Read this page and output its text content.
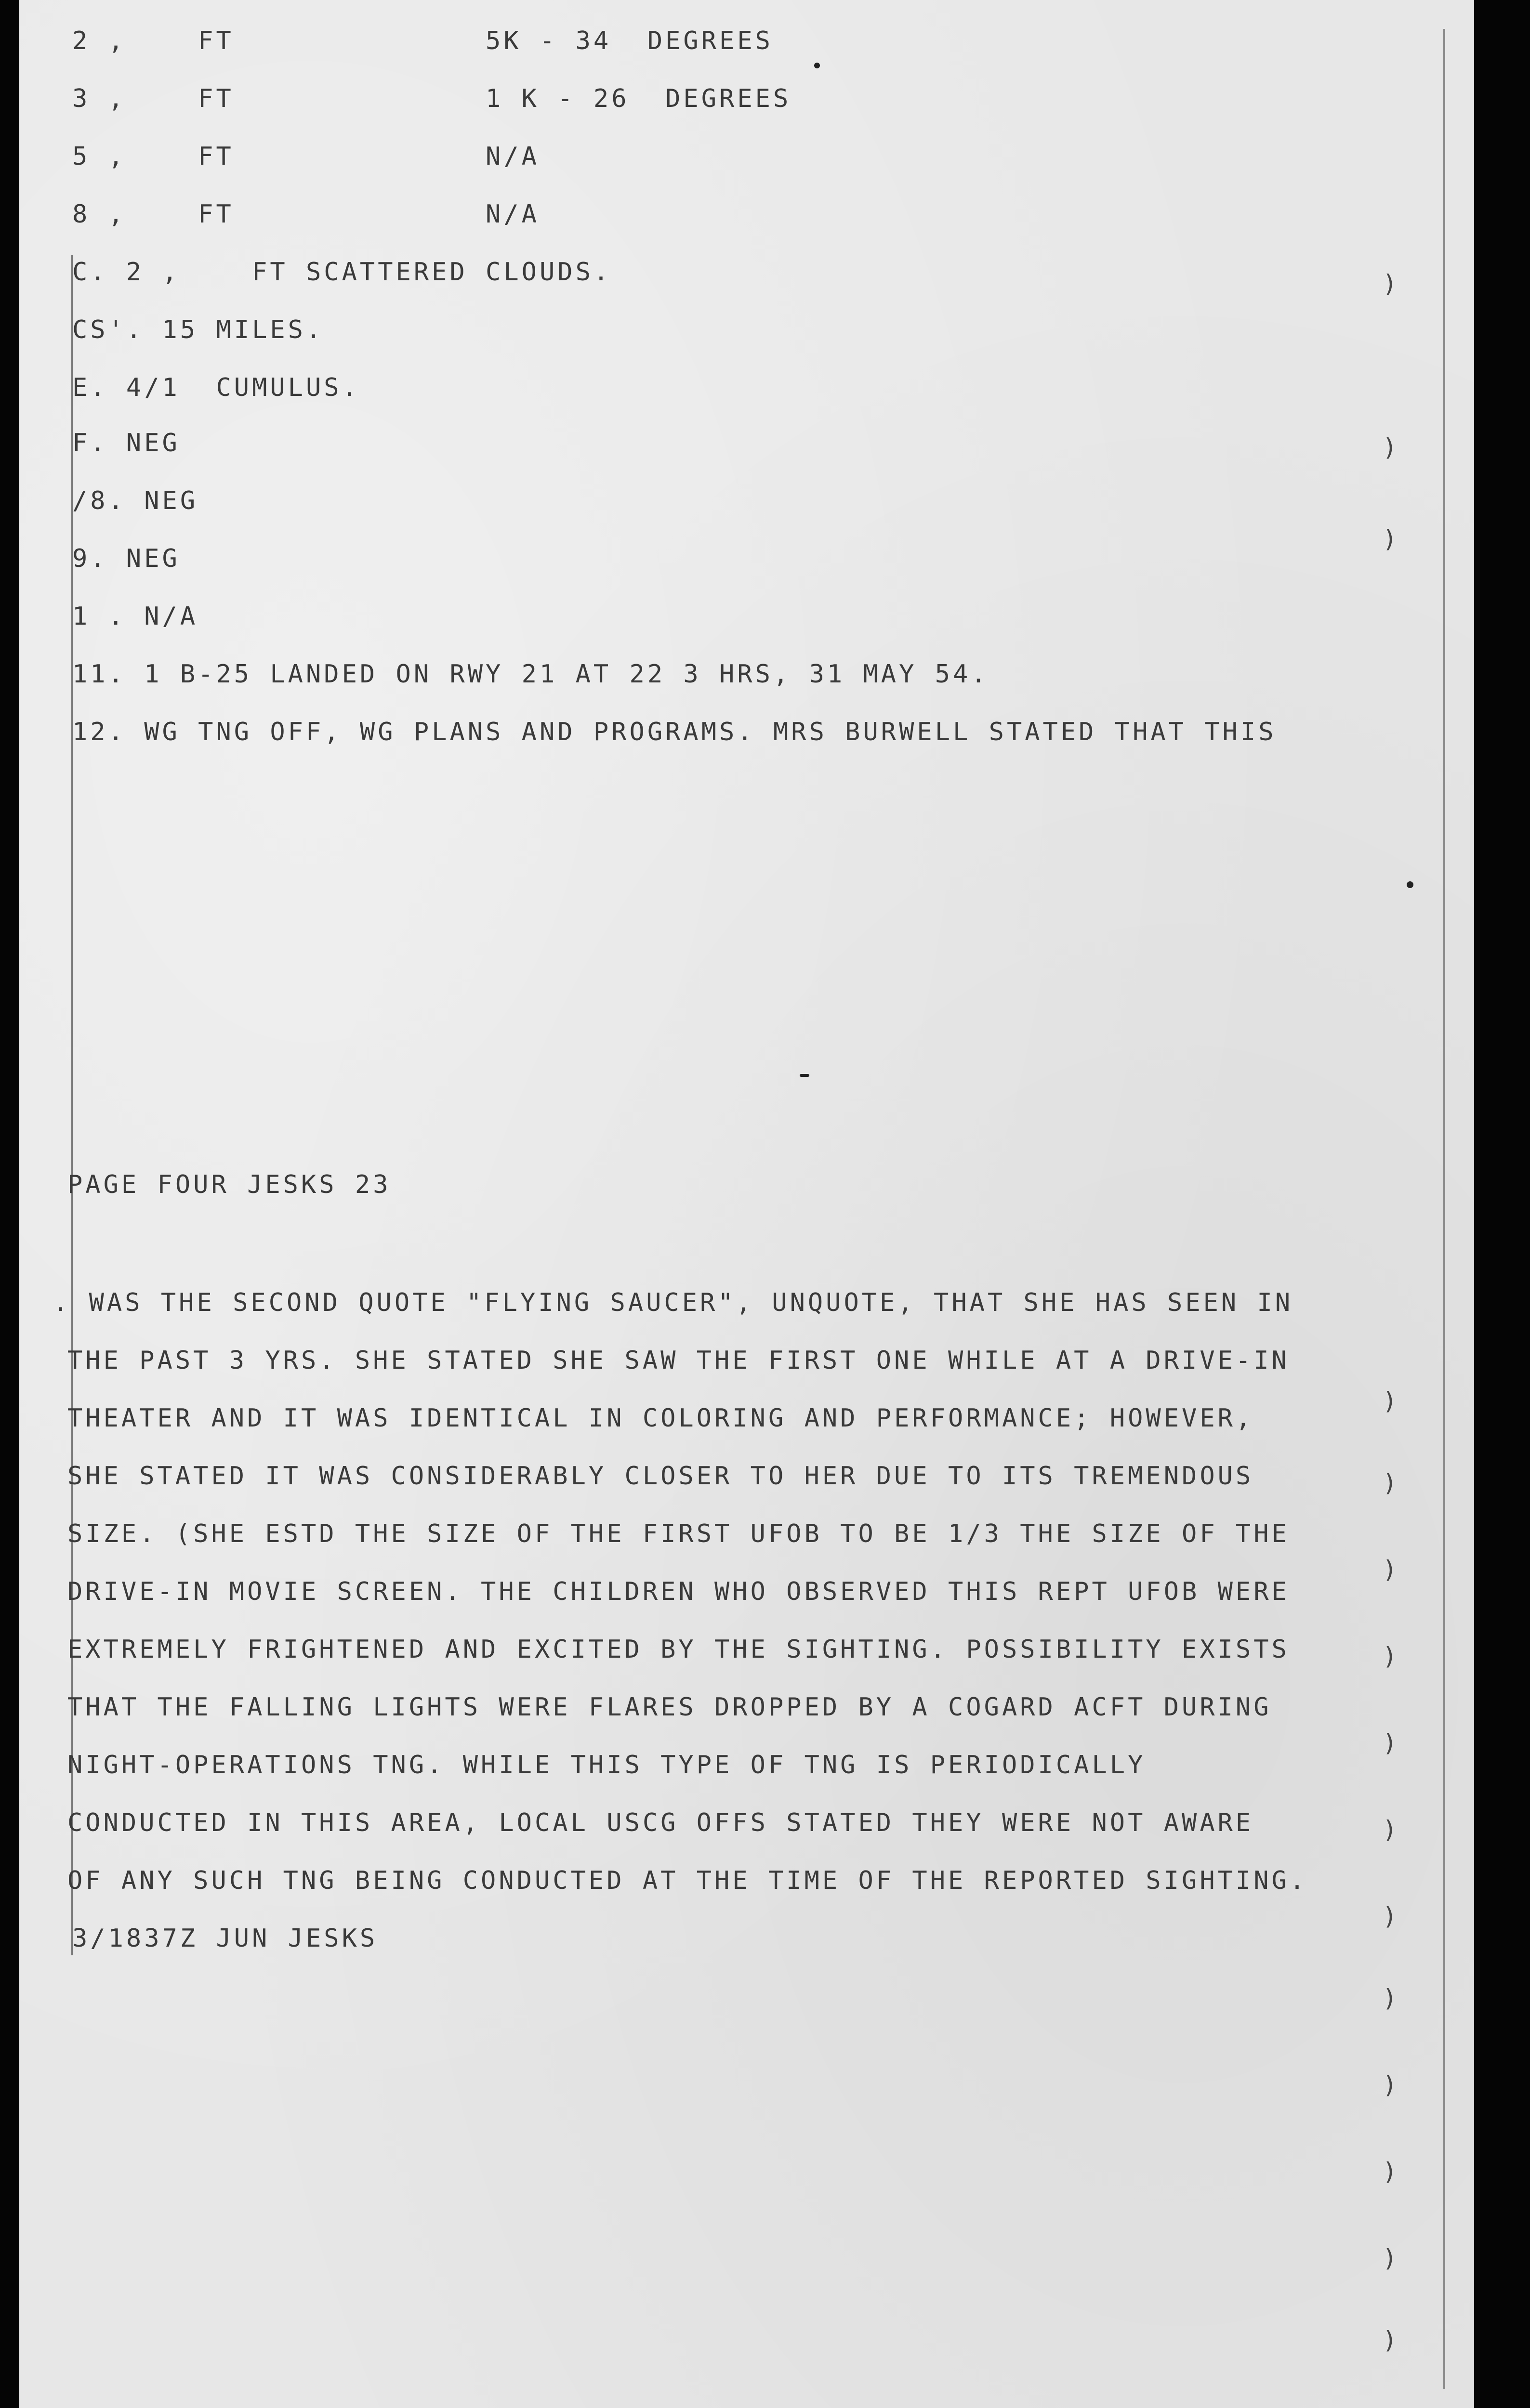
2 ,    FT              5K - 34  DEGREES
3 ,    FT              1 K - 26  DEGREES
5 ,    FT              N/A
8 ,    FT              N/A
C. 2 ,    FT SCATTERED CLOUDS.
CS'. 15 MILES.
E. 4/1  CUMULUS.
F. NEG
/8. NEG
9. NEG
1 . N/A
11. 1 B-25 LANDED ON RWY 21 AT 22 3 HRS, 31 MAY 54.
12. WG TNG OFF, WG PLANS AND PROGRAMS. MRS BURWELL STATED THAT THIS
PAGE FOUR JESKS 23
. WAS THE SECOND QUOTE "FLYING SAUCER", UNQUOTE, THAT SHE HAS SEEN IN
THE PAST 3 YRS. SHE STATED SHE SAW THE FIRST ONE WHILE AT A DRIVE-IN
THEATER AND IT WAS IDENTICAL IN COLORING AND PERFORMANCE; HOWEVER,
SHE STATED IT WAS CONSIDERABLY CLOSER TO HER DUE TO ITS TREMENDOUS
SIZE. (SHE ESTD THE SIZE OF THE FIRST UFOB TO BE 1/3 THE SIZE OF THE
DRIVE-IN MOVIE SCREEN. THE CHILDREN WHO OBSERVED THIS REPT UFOB WERE
EXTREMELY FRIGHTENED AND EXCITED BY THE SIGHTING. POSSIBILITY EXISTS
THAT THE FALLING LIGHTS WERE FLARES DROPPED BY A COGARD ACFT DURING
NIGHT-OPERATIONS TNG. WHILE THIS TYPE OF TNG IS PERIODICALLY
CONDUCTED IN THIS AREA, LOCAL USCG OFFS STATED THEY WERE NOT AWARE
OF ANY SUCH TNG BEING CONDUCTED AT THE TIME OF THE REPORTED SIGHTING.
3/1837Z JUN JESKS
)
)
)
)
)
)
)
)
)
)
)
)
)
)
)
